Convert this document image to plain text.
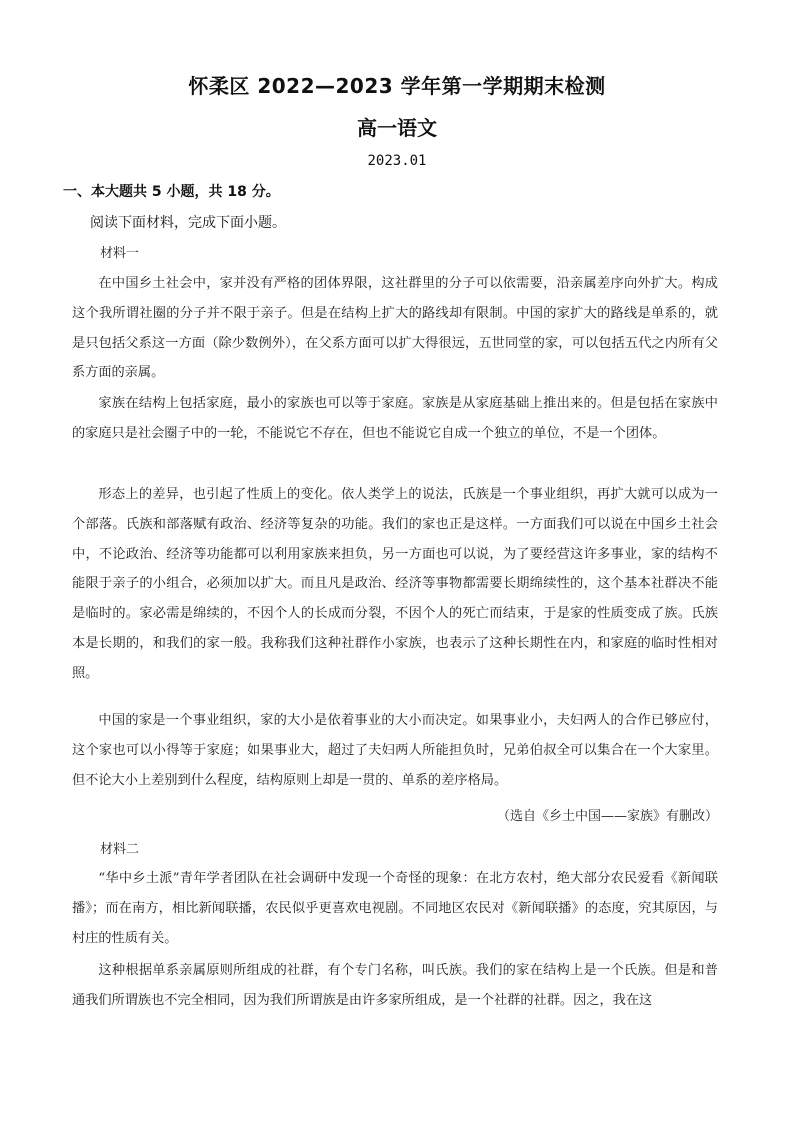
怀柔区 2022—2023 学年第一学期期末检测
高一语文
2023.01
一、本大题共 5 小题，共 18 分。
阅读下面材料，完成下面小题。
材料一
在中国乡土社会中，家并没有严格的团体界限，这社群里的分子可以依需要，沿亲属差序向外扩大。构成这个我所谓社圈的分子并不限于亲子。但是在结构上扩大的路线却有限制。中国的家扩大的路线是单系的，就是只包括父系这一方面（除少数例外），在父系方面可以扩大得很远，五世同堂的家，可以包括五代之内所有父系方面的亲属。
家族在结构上包括家庭，最小的家族也可以等于家庭。家族是从家庭基础上推出来的。但是包括在家族中的家庭只是社会圈子中的一轮，不能说它不存在，但也不能说它自成一个独立的单位，不是一个团体。
形态上的差异，也引起了性质上的变化。依人类学上的说法，氏族是一个事业组织，再扩大就可以成为一个部落。氏族和部落赋有政治、经济等复杂的功能。我们的家也正是这样。一方面我们可以说在中国乡土社会中，不论政治、经济等功能都可以利用家族来担负，另一方面也可以说，为了要经营这许多事业，家的结构不能限于亲子的小组合，必须加以扩大。而且凡是政治、经济等事物都需要长期绵续性的，这个基本社群决不能是临时的。家必需是绵续的，不因个人的长成而分裂，不因个人的死亡而结束，于是家的性质变成了族。氏族本是长期的，和我们的家一般。我称我们这种社群作小家族，也表示了这种长期性在内，和家庭的临时性相对照。
中国的家是一个事业组织，家的大小是依着事业的大小而决定。如果事业小，夫妇两人的合作已够应付，这个家也可以小得等于家庭；如果事业大，超过了夫妇两人所能担负时，兄弟伯叔全可以集合在一个大家里。但不论大小上差别到什么程度，结构原则上却是一贯的、单系的差序格局。
（选自《乡土中国——家族》有删改）
材料二
“华中乡土派”青年学者团队在社会调研中发现一个奇怪的现象：在北方农村，绝大部分农民爱看《新闻联播》；而在南方，相比新闻联播，农民似乎更喜欢电视剧。不同地区农民对《新闻联播》的态度，究其原因，与村庄的性质有关。
这种根据单系亲属原则所组成的社群，有个专门名称，叫氏族。我们的家在结构上是一个氏族。但是和普通我们所谓族也不完全相同，因为我们所谓族是由许多家所组成，是一个社群的社群。因之，我在这
